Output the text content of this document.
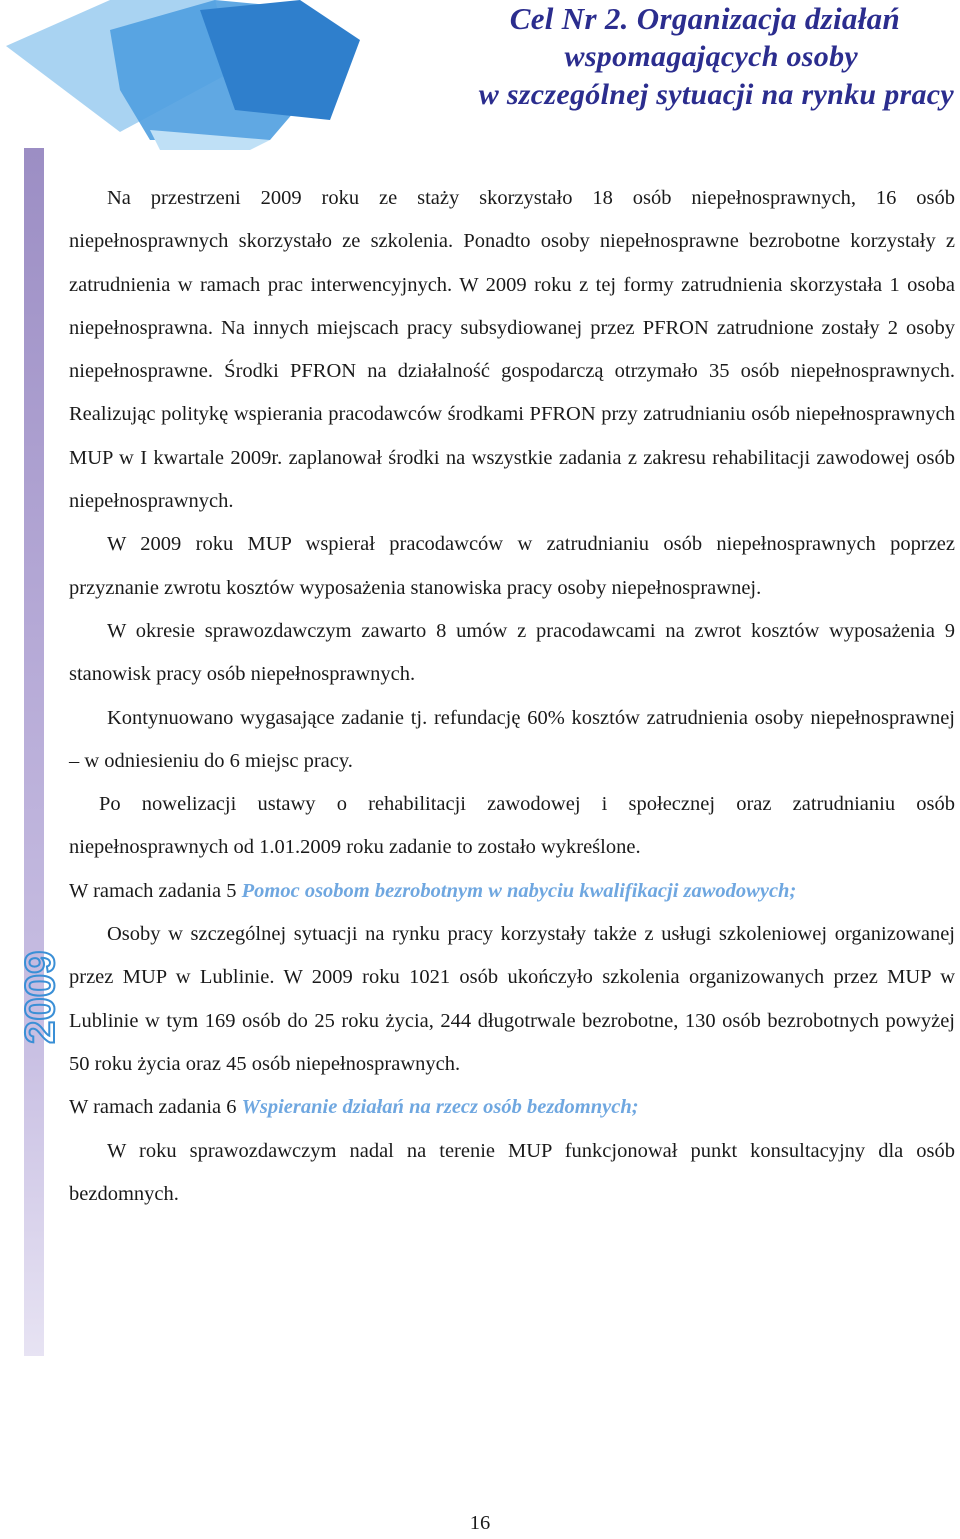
Cel Nr 2. Organizacja działań
wspomagających osoby
w szczególnej sytuacji na rynku pracy
2009

Na przestrzeni 2009 roku ze staży skorzystało 18 osób niepełnosprawnych, 16 osób niepełnosprawnych skorzystało ze szkolenia. Ponadto osoby niepełnosprawne bezrobotne korzystały z zatrudnienia w ramach prac interwencyjnych. W 2009 roku z tej formy zatrudnienia skorzystała 1 osoba niepełnosprawna. Na innych miejscach pracy subsydiowanej przez PFRON zatrudnione zostały 2 osoby niepełnosprawne. Środki PFRON na działalność gospodarczą otrzymało 35 osób niepełnosprawnych. Realizując politykę wspierania pracodawców środkami PFRON przy zatrudnianiu osób niepełnosprawnych MUP w I kwartale 2009r. zaplanował środki na wszystkie zadania z zakresu rehabilitacji zawodowej osób niepełnosprawnych.

W 2009 roku MUP wspierał pracodawców w zatrudnianiu osób niepełnosprawnych poprzez przyznanie zwrotu kosztów wyposażenia stanowiska pracy osoby niepełnosprawnej.

W okresie sprawozdawczym zawarto 8 umów z pracodawcami na zwrot kosztów wyposażenia 9 stanowisk pracy osób niepełnosprawnych.

Kontynuowano wygasające zadanie tj. refundację 60% kosztów zatrudnienia osoby niepełnosprawnej – w odniesieniu do 6 miejsc pracy.

Po nowelizacji ustawy o rehabilitacji zawodowej i społecznej oraz zatrudnianiu osób niepełnosprawnych od 1.01.2009 roku zadanie to zostało wykreślone.

W ramach zadania 5 Pomoc osobom bezrobotnym w nabyciu kwalifikacji zawodowych;

Osoby w szczególnej sytuacji na rynku pracy korzystały także z usługi szkoleniowej organizowanej przez MUP w Lublinie. W 2009 roku 1021 osób ukończyło szkolenia organizowanych przez MUP w Lublinie w tym 169 osób do 25 roku życia, 244 długotrwale bezrobotne, 130 osób bezrobotnych powyżej 50 roku życia oraz 45 osób niepełnosprawnych.

W ramach zadania 6 Wspieranie działań na rzecz osób bezdomnych;

W roku sprawozdawczym nadal na terenie MUP funkcjonował punkt konsultacyjny dla osób bezdomnych.

16
